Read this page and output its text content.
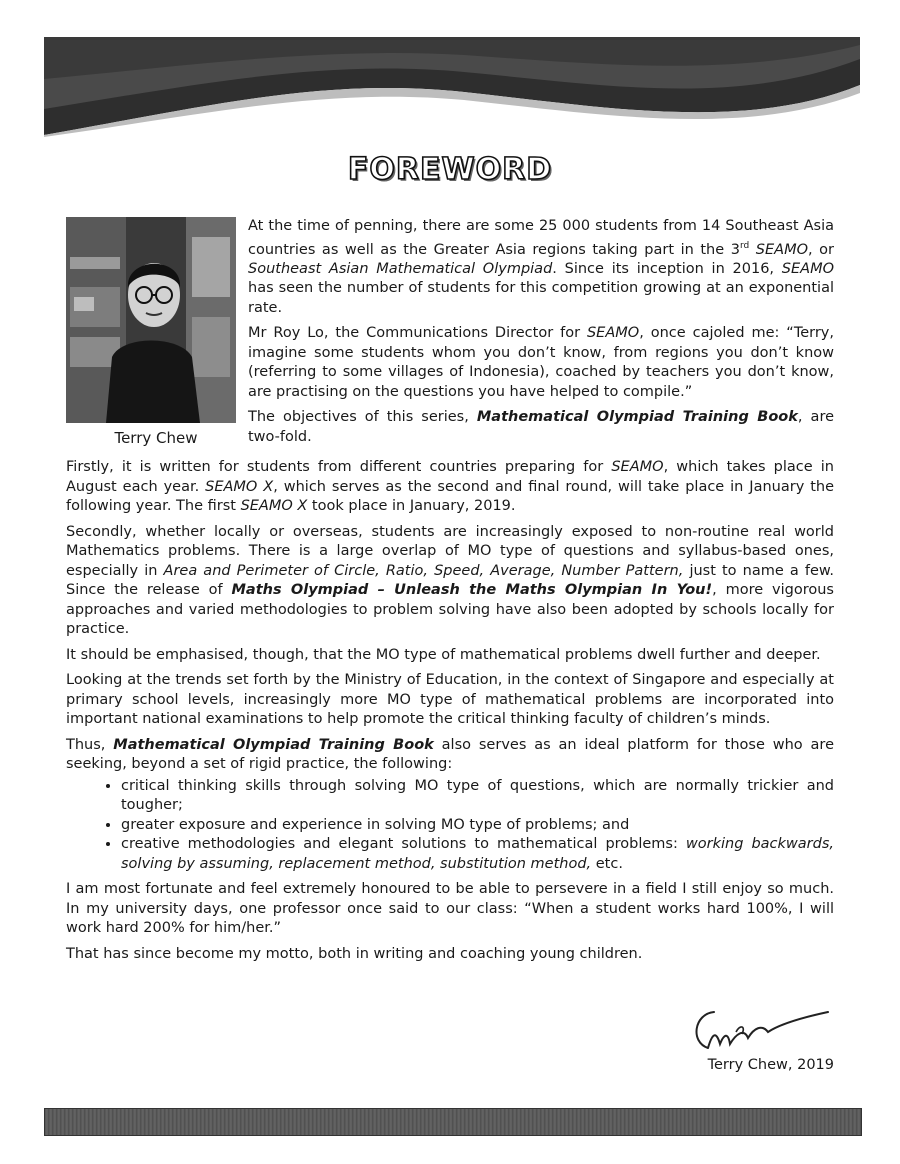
FOREWORD
Terry Chew

At the time of penning, there are some 25 000 students from 14 Southeast Asia countries as well as the Greater Asia regions taking part in the 3rd SEAMO, or Southeast Asian Mathematical Olympiad. Since its inception in 2016, SEAMO has seen the number of students for this competition growing at an exponential rate.

Mr Roy Lo, the Communications Director for SEAMO, once cajoled me: “Terry, imagine some students whom you don’t know, from regions you don’t know (referring to some villages of Indonesia), coached by teachers you don’t know, are practising on the questions you have helped to compile.”

The objectives of this series, Mathematical Olympiad Training Book, are two-fold.

Firstly, it is written for students from different countries preparing for SEAMO, which takes place in August each year. SEAMO X, which serves as the second and final round, will take place in January the following year. The first SEAMO X took place in January, 2019.

Secondly, whether locally or overseas, students are increasingly exposed to non-routine real world Mathematics problems. There is a large overlap of MO type of questions and syllabus-based ones, especially in Area and Perimeter of Circle, Ratio, Speed, Average, Number Pattern, just to name a few. Since the release of Maths Olympiad – Unleash the Maths Olympian In You!, more vigorous approaches and varied methodologies to problem solving have also been adopted by schools locally for practice.

It should be emphasised, though, that the MO type of mathematical problems dwell further and deeper.

Looking at the trends set forth by the Ministry of Education, in the context of Singapore and especially at primary school levels, increasingly more MO type of mathematical problems are incorporated into important national examinations to help promote the critical thinking faculty of children’s minds.

Thus, Mathematical Olympiad Training Book also serves as an ideal platform for those who are seeking, beyond a set of rigid practice, the following:

• critical thinking skills through solving MO type of questions, which are normally trickier and tougher;
• greater exposure and experience in solving MO type of problems; and
• creative methodologies and elegant solutions to mathematical problems: working backwards, solving by assuming, replacement method, substitution method, etc.

I am most fortunate and feel extremely honoured to be able to persevere in a field I still enjoy so much. In my university days, one professor once said to our class: “When a student works hard 100%, I will work hard 200% for him/her.”

That has since become my motto, both in writing and coaching young children.

Terry Chew, 2019
